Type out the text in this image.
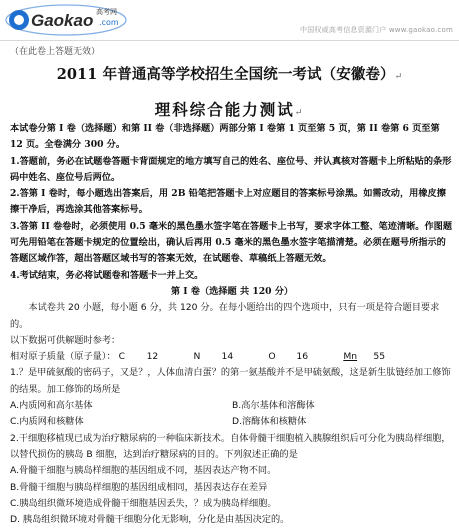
Gaokao 高考网
.com
中国权威高考信息资源门户 www.gaokao.com
（在此卷上答题无效）
2011 年普通高等学校招生全国统一考试（安徽卷）↵
理科综合能力测试↵

本试卷分第 I 卷（选择题）和第 II 卷（非选择题）两部分第 I 卷第 1 页至第 5 页，第 II 卷第 6 页至第 12 页。全卷满分 300 分。

1.答题前，务必在试题卷答题卡背面规定的地方填写自己的姓名、座位号、并认真核对答题卡上所粘贴的条形码中姓名、座位号后两位。

2.答第 I 卷时，每小题选出答案后，用 2B 铅笔把答题卡上对应题目的答案标号涂黑。如需改动，用橡皮擦擦干净后，再选涂其他答案标号。

3.答第 II 卷卷时，必须使用 0.5 毫米的黑色墨水签字笔在答题卡上书写，要求字体工整、笔迹清晰。作图题可先用铅笔在答题卡规定的位置绘出，确认后再用 0.5 毫米的黑色墨水签字笔描清楚。必须在题号所指示的答题区域作答，超出答题区域书写的答案无效，在试题卷、草稿纸上答题无效。

4.考试结束，务必将试题卷和答题卡一并上交。

第 I 卷（选择题 共 120 分）

本试卷共 20 小题，每小题 6 分，共 120 分。在每小题给出的四个选项中，只有一项是符合题目要求的。

以下数据可供解题时参考：

相对原子质量（原子量）： C 12	N 14	O 16	Mn 55

1.？是甲硫氨酸的密码子，又是？，人体血清白蛋？的第一氨基酸并不是甲硫氨酸，这是新生肽链经加工修饰的结果。加工修饰的场所是

A.内质网和高尔基体	B.高尔基体和溶酶体
C.内质网和核糖体	D.溶酶体和核糖体

2.干细胞移植现已成为治疗糖尿病的一种临床新技术。自体骨髓干细胞植入胰腺组织后可分化为胰岛样细胞，以替代损伤的胰岛 B 细胞，达到治疗糖尿病的目的。下列叙述正确的是

A.骨髓干细胞与胰岛样细胞的基因组成不同，基因表达产物不同。

B.骨髓干细胞与胰岛样细胞的基因组成相同，基因表达存在差异

C.胰岛组织微环境造成骨髓干细胞基因丢失，？成为胰岛样细胞。

D. 胰岛组织微环境对骨髓干细胞分化无影响，分化是由基因决定的。
